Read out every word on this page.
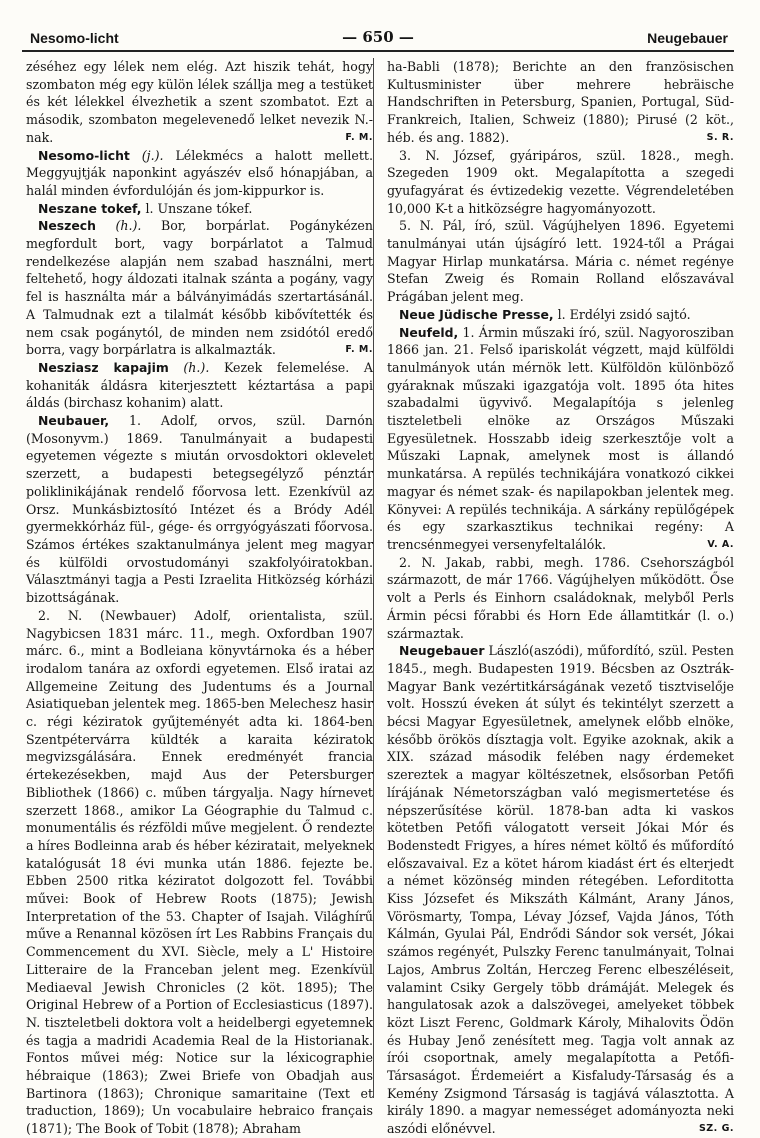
Nesomo-licht	— 650 —	Neugebauer

zéséhez egy lélek nem elég. Azt hiszik tehát, hogy szombaton még egy külön lélek szállja meg a testüket és két lélekkel élvezhetik a szent szombatot. Ezt a második, szombaton megelevenedő lelket nevezik N.-nak.	F. M.

Nesomo-licht (j.). Lélekmécs a halott mellett. Meggyujtják naponkint agyászév első hónapjában, a halál minden évfordulóján és jom-kippurkor is.

Neszane tokef, l. Unszane tókef.

Neszech (h.). Bor, borpárlat. Pogánykézen megfordult bort, vagy borpárlatot a Talmud rendelkezése alapján nem szabad használni, mert feltehető, hogy áldozati italnak szánta a pogány, vagy fel is használta már a bálványimádás szertartásánál. A Talmudnak ezt a tilalmát később kibővítették és nem csak pogánytól, de minden nem zsidótól eredő borra, vagy borpárlatra is alkalmazták.	F. M.

Nesziasz kapajim (h.). Kezek felemelése. A kohaniták áldásra kiterjesztett kéztartása a papi áldás (birchasz kohanim) alatt.

Neubauer, 1. Adolf, orvos, szül. Darnón (Mosonyvm.) 1869. Tanulmányait a budapesti egyetemen végezte s miután orvosdoktori oklevelet szerzett, a budapesti betegsegélyző pénztár poliklinikájának rendelő főorvosa lett. Ezenkívül az Orsz. Munkásbiztosító Intézet és a Bródy Adél gyermekkórház fül-, gége- és orrgyógyászati főorvosa. Számos értékes szaktanulmánya jelent meg magyar és külföldi orvostudományi szakfolyóiratokban. Választmányi tagja a Pesti Izraelita Hitközség kórházi bizottságának.

2. N. (Newbauer) Adolf, orientalista, szül. Nagybicsen 1831 márc. 11., megh. Oxfordban 1907 márc. 6., mint a Bodleiana könyvtárnoka és a héber irodalom tanára az oxfordi egyetemen. Első iratai az Allgemeine Zeitung des Judentums és a Journal Asiatiqueban jelentek meg. 1865-ben Melechesz hasir c. régi kéziratok gyűjteményét adta ki. 1864-ben Szentpétervárra küldték a karaita kéziratok megvizsgálására. Ennek eredményét francia értekezésekben, majd Aus der Petersburger Bibliothek (1866) c. műben tárgyalja. Nagy hírnevet szerzett 1868., amikor La Géographie du Talmud c. monumentális és rézföldi műve megjelent. Ő rendezte a híres Bodleinna arab és héber kéziratait, melyeknek katalógusát 18 évi munka után 1886. fejezte be. Ebben 2500 ritka kéziratot dolgozott fel. További művei: Book of Hebrew Roots (1875); Jewish Interpretation of the 53. Chapter of Isajah. Világhírű műve a Renannal közösen írt Les Rabbins Français du Commencement du XVI. Siècle, mely a L' Histoire Litteraire de la Franceban jelent meg. Ezenkívül Mediaeval Jewish Chronicles (2 köt. 1895); The Original Hebrew of a Portion of Ecclesiasticus (1897). N. tiszteletbeli doktora volt a heidelbergi egyetemnek és tagja a madridi Academia Real de la Historianak. Fontos művei még: Notice sur la léxicographie hébraique (1863); Zwei Briefe von Obadjah aus Bartinora (1863); Chronique samaritaine (Text et traduction, 1869); Un vocabulaire hebraico français (1871); The Book of Tobit (1878); Abraham

ha-Babli (1878); Berichte an den französischen Kultusminister über mehrere hebräische Handschriften in Petersburg, Spanien, Portugal, Süd-Frankreich, Italien, Schweiz (1880); Pirusé (2 köt., héb. és ang. 1882).	S. R.

3. N. József, gyáripáros, szül. 1828., megh. Szegeden 1909 okt. Megalapította a szegedi gyufagyárat és évtizedekig vezette. Végrendeletében 10,000 K-t a hitközségre hagyományozott.

5. N. Pál, író, szül. Vágújhelyen 1896. Egyetemi tanulmányai után újságíró lett. 1924-től a Prágai Magyar Hirlap munkatársa. Mária c. német regénye Stefan Zweig és Romain Rolland előszavával Prágában jelent meg.

Neue Jüdische Presse, l. Erdélyi zsidó sajtó.

Neufeld, 1. Ármin műszaki író, szül. Nagyorosziban 1866 jan. 21. Felső ipariskolát végzett, majd külföldi tanulmányok után mérnök lett. Külföldön különböző gyáraknak műszaki igazgatója volt. 1895 óta hites szabadalmi ügyvivő. Megalapítója s jelenleg tiszteletbeli elnöke az Országos Műszaki Egyesületnek. Hosszabb ideig szerkesztője volt a Műszaki Lapnak, amelynek most is állandó munkatársa. A repülés technikájára vonatkozó cikkei magyar és német szak- és napilapokban jelentek meg. Könyvei: A repülés technikája. A sárkány repülőgépek és egy szarkasztikus technikai regény: A trencsénmegyei versenyfeltalálók.	V. A.

2. N. Jakab, rabbi, megh. 1786. Csehországból származott, de már 1766. Vágújhelyen működött. Őse volt a Perls és Einhorn családoknak, melyből Perls Ármin pécsi főrabbi és Horn Ede államtitkár (l. o.) származtak.

Neugebauer László(aszódi), műfordító, szül. Pesten 1845., megh. Budapesten 1919. Bécsben az Osztrák-Magyar Bank vezértitkárságának vezető tisztviselője volt. Hosszú éveken át súlyt és tekintélyt szerzett a bécsi Magyar Egyesületnek, amelynek előbb elnöke, később örökös dísztagja volt. Egyike azoknak, akik a XIX. század második felében nagy érdemeket szereztek a magyar költészetnek, elsősorban Petőfi lírájának Németországban való megismertetése és népszerűsítése körül. 1878-ban adta ki vaskos kötetben Petőfi válogatott verseit Jókai Mór és Bodenstedt Frigyes, a híres német költő és műfordító előszavaival. Ez a kötet három kiadást ért és elterjedt a német közönség minden rétegében. Leforditotta Kiss Józsefet és Mikszáth Kálmánt, Arany János, Vörösmarty, Tompa, Lévay József, Vajda János, Tóth Kálmán, Gyulai Pál, Endrődi Sándor sok versét, Jókai számos regényét, Pulszky Ferenc tanulmányait, Tolnai Lajos, Ambrus Zoltán, Herczeg Ferenc elbeszéléseit, valamint Csiky Gergely több drámáját. Melegek és hangulatosak azok a dalszövegei, amelyeket többek közt Liszt Ferenc, Goldmark Károly, Mihalovits Ödön és Hubay Jenő zenésített meg. Tagja volt annak az írói csoportnak, amely megalapította a Petőfi-Társaságot. Érdemeiért a Kisfaludy-Társaság és a Kemény Zsigmond Társaság is tagjává választotta. A király 1890. a magyar nemességet adományozta neki aszódi előnévvel.	SZ. G.
